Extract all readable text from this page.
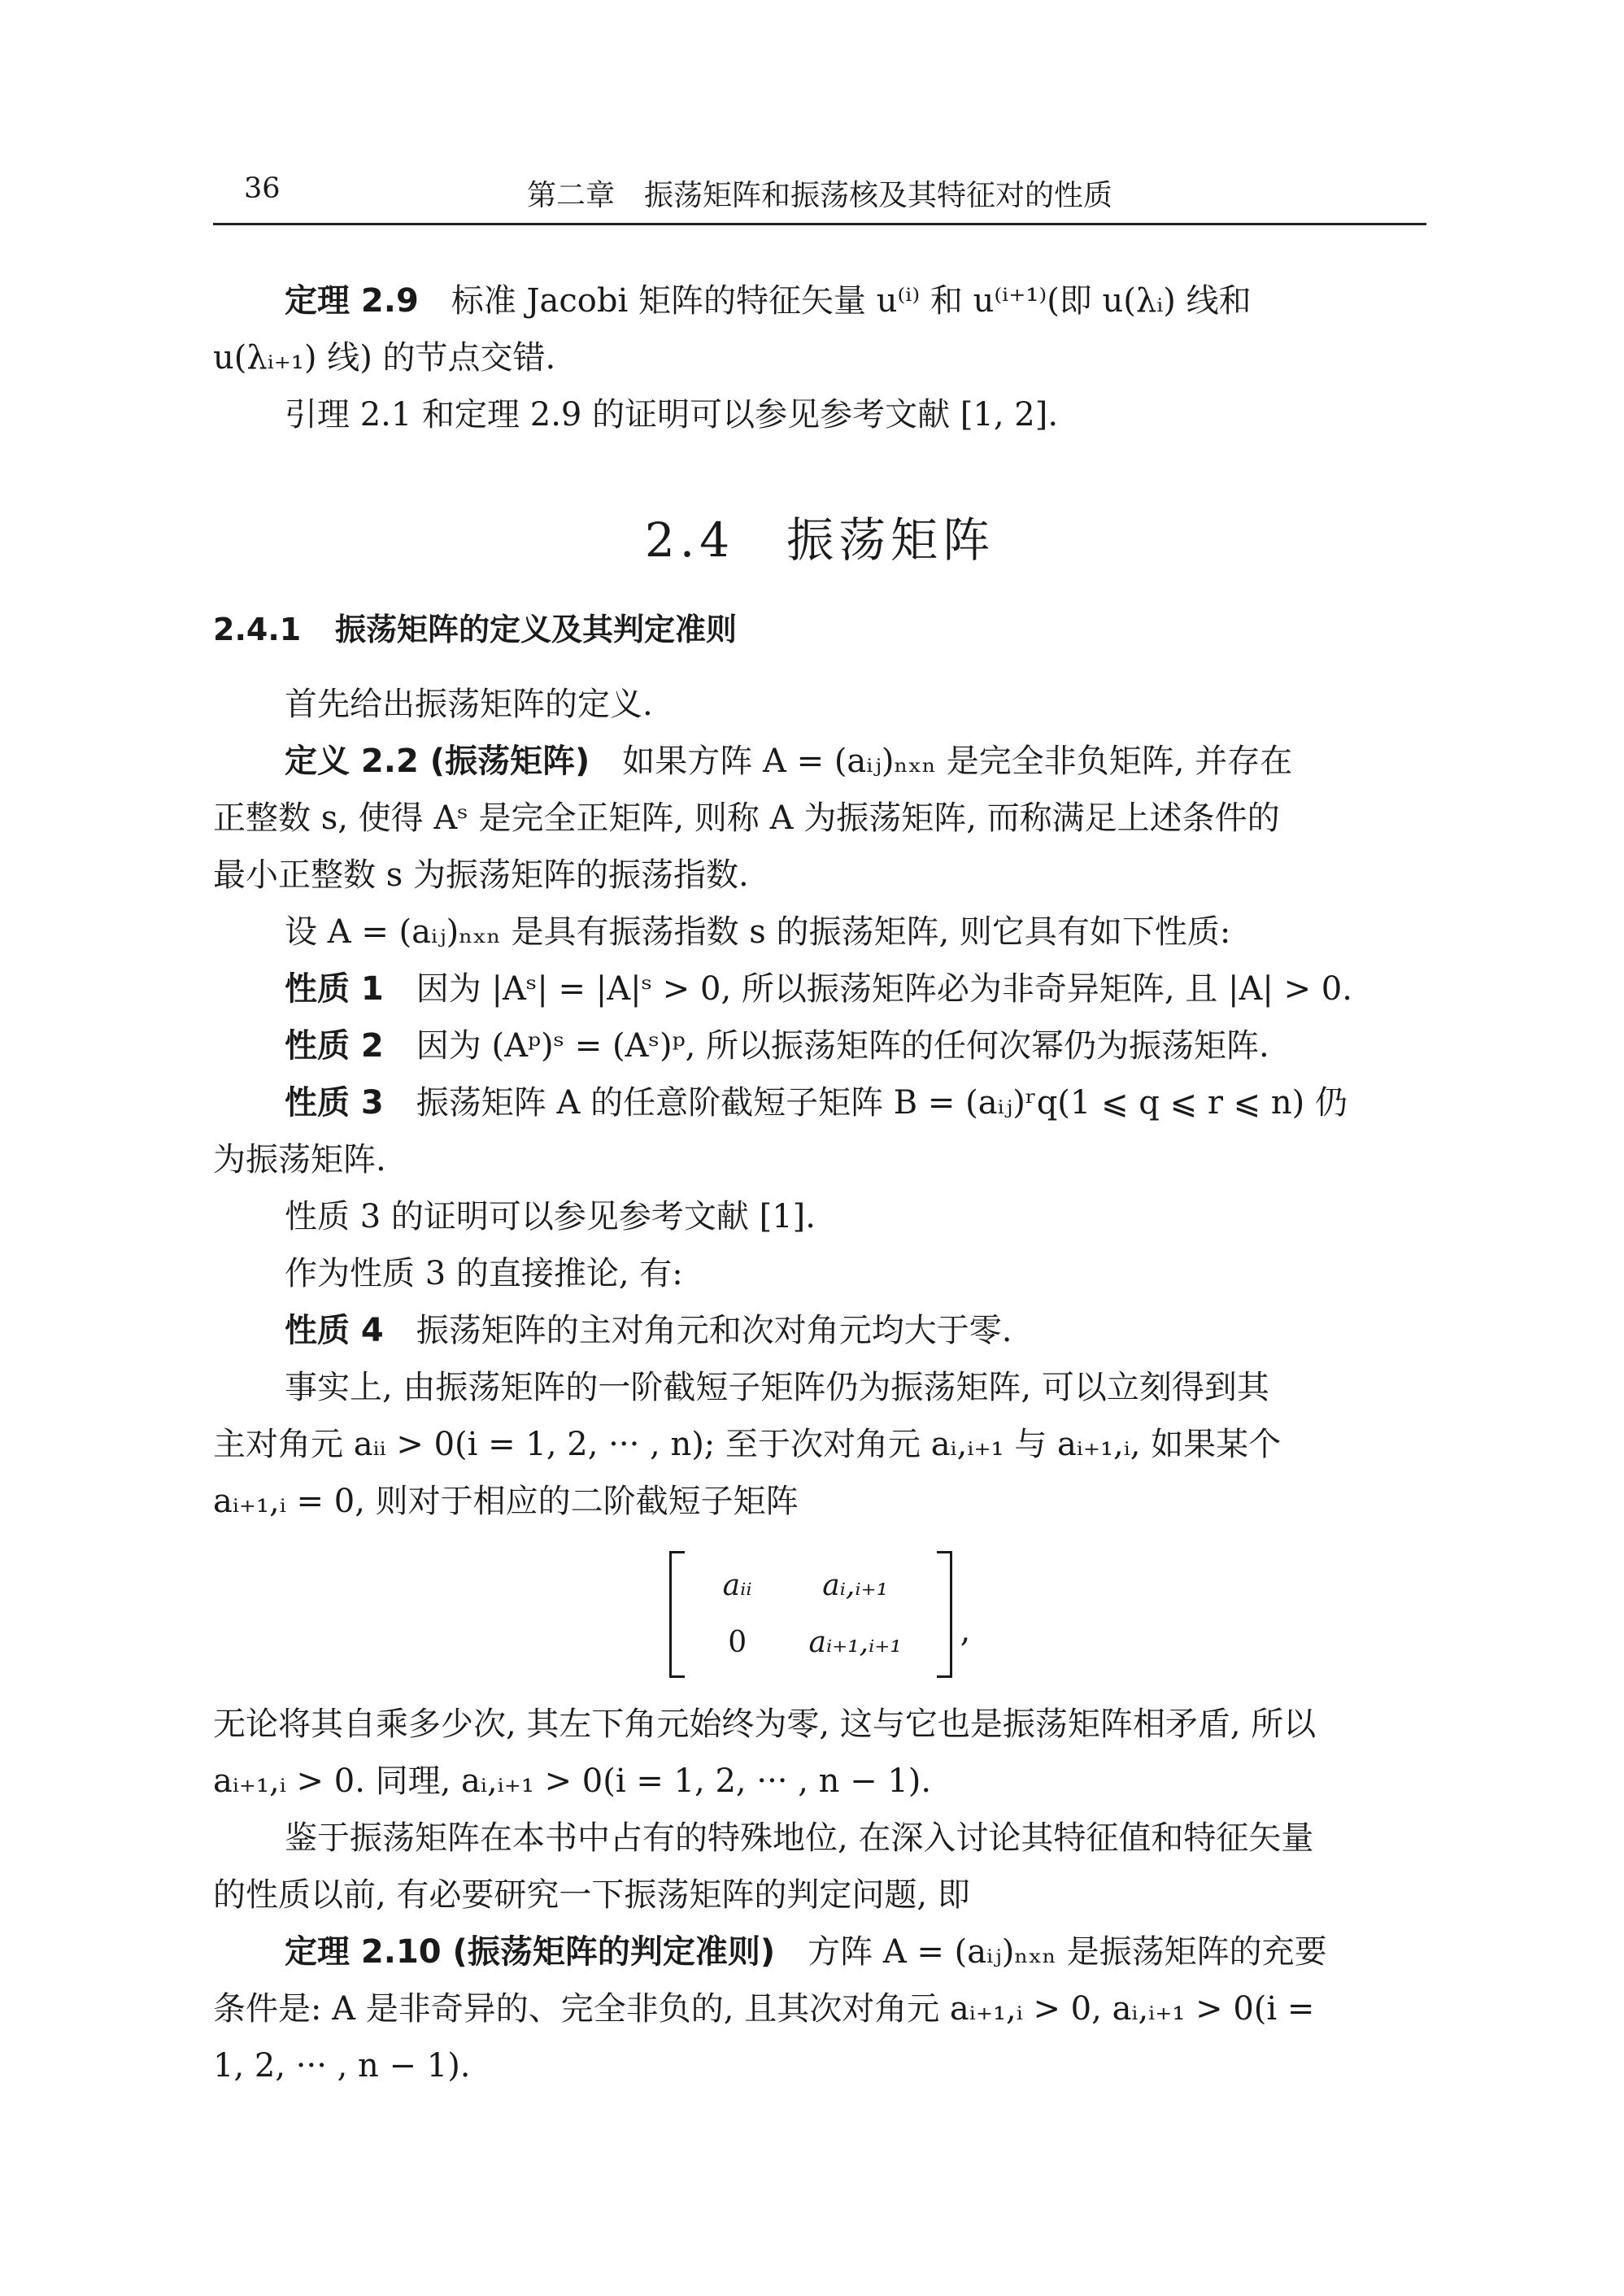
36	第二章　振荡矩阵和振荡核及其特征对的性质

定理 2.9　 标准 Jacobi 矩阵的特征矢量 u⁽ⁱ⁾ 和 u⁽ⁱ⁺¹⁾(即 u(λᵢ) 线和

u(λᵢ₊₁) 线) 的节点交错.

引理 2.1 和定理 2.9 的证明可以参见参考文献 [1, 2].

2.4　振荡矩阵
2.4.1 振荡矩阵的定义及其判定准则

首先给出振荡矩阵的定义.

定义 2.2 (振荡矩阵)　 如果方阵 A = (aᵢⱼ)ₙₓₙ 是完全非负矩阵, 并存在

正整数 s, 使得 Aˢ 是完全正矩阵, 则称 A 为振荡矩阵, 而称满足上述条件的

最小正整数 s 为振荡矩阵的振荡指数.

设 A = (aᵢⱼ)ₙₓₙ 是具有振荡指数 s 的振荡矩阵, 则它具有如下性质:

性质 1　 因为 |Aˢ| = |A|ˢ > 0, 所以振荡矩阵必为非奇异矩阵, 且 |A| > 0.

性质 2　 因为 (Aᵖ)ˢ = (Aˢ)ᵖ, 所以振荡矩阵的任何次幂仍为振荡矩阵.

性质 3　 振荡矩阵 A 的任意阶截短子矩阵 B = (aᵢⱼ)ʳq(1 ⩽ q ⩽ r ⩽ n) 仍

为振荡矩阵.

性质 3 的证明可以参见参考文献 [1].

作为性质 3 的直接推论, 有:

性质 4　 振荡矩阵的主对角元和次对角元均大于零.

事实上, 由振荡矩阵的一阶截短子矩阵仍为振荡矩阵, 可以立刻得到其

主对角元 aᵢᵢ > 0(i = 1, 2, ··· , n); 至于次对角元 aᵢ,ᵢ₊₁ 与 aᵢ₊₁,ᵢ, 如果某个

aᵢ₊₁,ᵢ = 0, 则对于相应的二阶截短子矩阵

aᵢᵢ	aᵢ,ᵢ₊₁
0	aᵢ₊₁,ᵢ₊₁	,

无论将其自乘多少次, 其左下角元始终为零, 这与它也是振荡矩阵相矛盾, 所以

aᵢ₊₁,ᵢ > 0. 同理, aᵢ,ᵢ₊₁ > 0(i = 1, 2, ··· , n − 1).

鉴于振荡矩阵在本书中占有的特殊地位, 在深入讨论其特征值和特征矢量

的性质以前, 有必要研究一下振荡矩阵的判定问题, 即

定理 2.10 (振荡矩阵的判定准则)　 方阵 A = (aᵢⱼ)ₙₓₙ 是振荡矩阵的充要

条件是: A 是非奇异的、完全非负的, 且其次对角元 aᵢ₊₁,ᵢ > 0, aᵢ,ᵢ₊₁ > 0(i =

1, 2, ··· , n − 1).
